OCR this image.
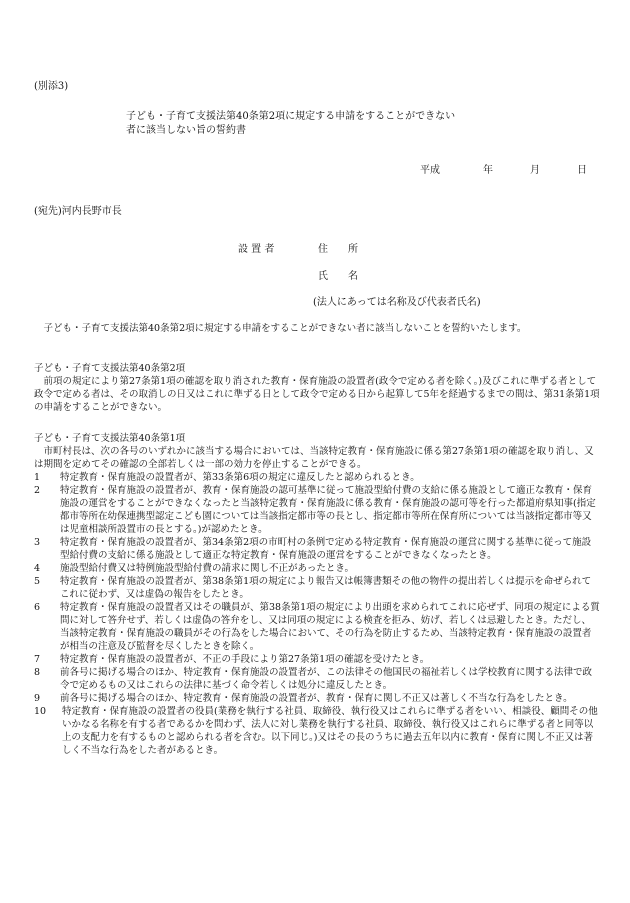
(別添3)
子ども・子育て支援法第40条第2項に規定する申請をすることができない
者に該当しない旨の誓約書
平成	年	月	日
(宛先)河内長野市長
設 置 者	住　　所
氏　　名
(法人にあっては名称及び代表者氏名)

子ども・子育て支援法第40条第2項に規定する申請をすることができない者に該当しないことを誓約いたします。

子ども・子育て支援法第40条第2項

前項の規定により第27条第1項の確認を取り消された教育・保育施設の設置者(政令で定める者を除く。)及びこれに準ずる者として政令で定める者は、その取消しの日又はこれに準ずる日として政令で定める日から起算して5年を経過するまでの間は、第31条第1項の申請をすることができない。

子ども・子育て支援法第40条第1項

市町村長は、次の各号のいずれかに該当する場合においては、当該特定教育・保育施設に係る第27条第1項の確認を取り消し、又は期間を定めてその確認の全部若しくは一部の効力を停止することができる。

1	特定教育・保育施設の設置者が、第33条第6項の規定に違反したと認められるとき。
2	特定教育・保育施設の設置者が、教育・保育施設の認可基準に従って施設型給付費の支給に係る施設として適正な教育・保育施設の運営をすることができなくなったと当該特定教育・保育施設に係る教育・保育施設の認可等を行った都道府県知事(指定都市等所在幼保連携型認定こども園については当該指定都市等の長とし、指定都市等所在保育所については当該指定都市等又は児童相談所設置市の長とする。)が認めたとき。
3	特定教育・保育施設の設置者が、第34条第2項の市町村の条例で定める特定教育・保育施設の運営に関する基準に従って施設型給付費の支給に係る施設として適正な特定教育・保育施設の運営をすることができなくなったとき。
4	施設型給付費又は特例施設型給付費の請求に関し不正があったとき。
5	特定教育・保育施設の設置者が、第38条第1項の規定により報告又は帳簿書類その他の物件の提出若しくは提示を命ぜられてこれに従わず、又は虚偽の報告をしたとき。
6	特定教育・保育施設の設置者又はその職員が、第38条第1項の規定により出頭を求められてこれに応ぜず、同項の規定による質問に対して答弁せず、若しくは虚偽の答弁をし、又は同項の規定による検査を拒み、妨げ、若しくは忌避したとき。ただし、当該特定教育・保育施設の職員がその行為をした場合において、その行為を防止するため、当該特定教育・保育施設の設置者が相当の注意及び監督を尽くしたときを除く。
7	特定教育・保育施設の設置者が、不正の手段により第27条第1項の確認を受けたとき。
8	前各号に掲げる場合のほか、特定教育・保育施設の設置者が、この法律その他国民の福祉若しくは学校教育に関する法律で政令で定めるもの又はこれらの法律に基づく命令若しくは処分に違反したとき。
9	前各号に掲げる場合のほか、特定教育・保育施設の設置者が、教育・保育に関し不正又は著しく不当な行為をしたとき。
10	特定教育・保育施設の設置者の役員(業務を執行する社員、取締役、執行役又はこれらに準ずる者をいい、相談役、顧問その他いかなる名称を有する者であるかを問わず、法人に対し業務を執行する社員、取締役、執行役又はこれらに準ずる者と同等以上の支配力を有するものと認められる者を含む。以下同じ。)又はその長のうちに過去五年以内に教育・保育に関し不正又は著しく不当な行為をした者があるとき。
